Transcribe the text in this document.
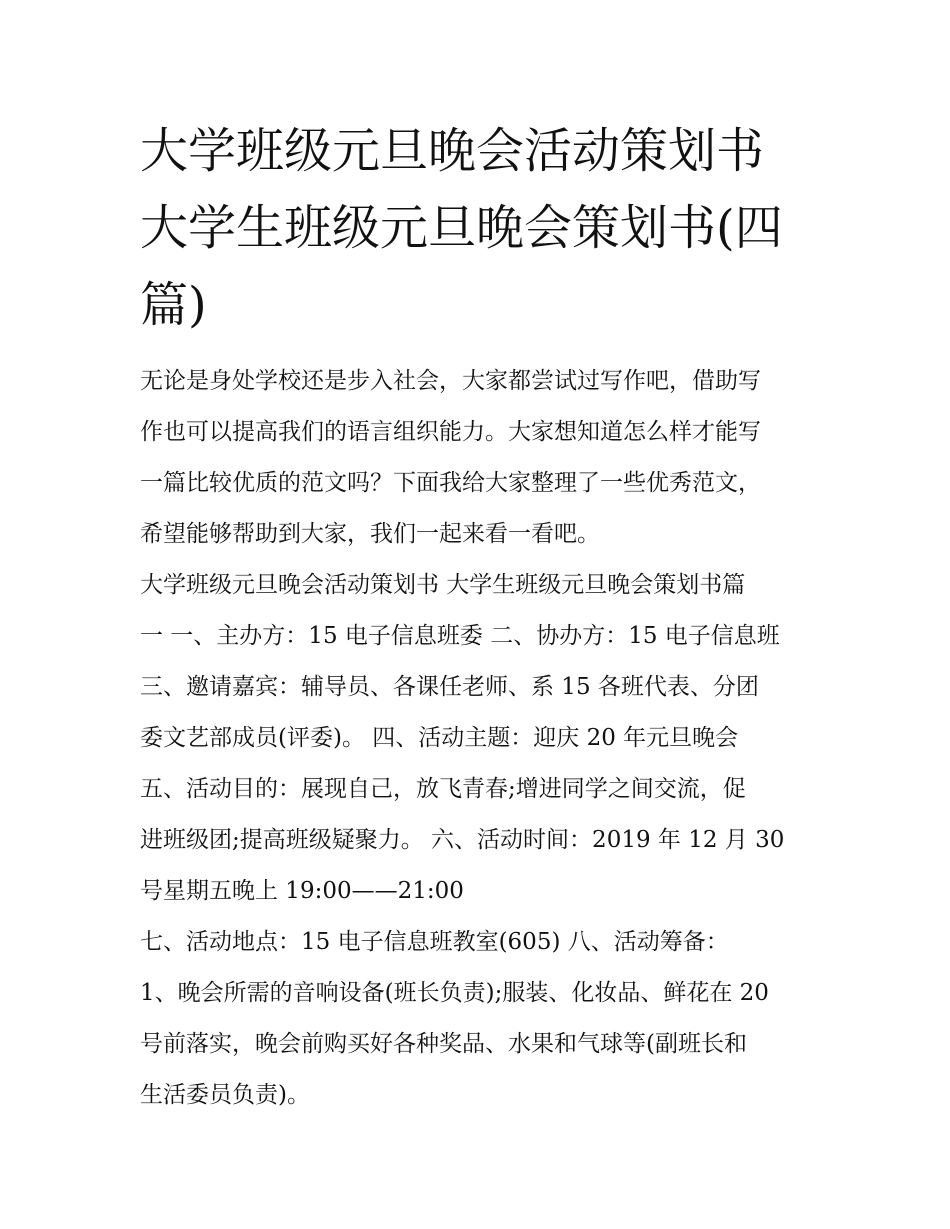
大学班级元旦晚会活动策划书 大学生班级元旦晚会策划书(四篇)

无论是身处学校还是步入社会，大家都尝试过写作吧，借助写

作也可以提高我们的语言组织能力。大家想知道怎么样才能写

一篇比较优质的范文吗？下面我给大家整理了一些优秀范文，

希望能够帮助到大家，我们一起来看一看吧。

大学班级元旦晚会活动策划书 大学生班级元旦晚会策划书篇

一 一、主办方：15 电子信息班委 二、协办方：15 电子信息班

三、邀请嘉宾：辅导员、各课任老师、系 15 各班代表、分团

委文艺部成员(评委)。 四、活动主题：迎庆 20 年元旦晚会

五、活动目的：展现自己，放飞青春;增进同学之间交流，促

进班级团;提高班级疑聚力。 六、活动时间：2019 年 12 月 30

号星期五晚上 19:00——21:00

七、活动地点：15 电子信息班教室(605) 八、活动筹备：

1、晚会所需的音响设备(班长负责);服装、化妆品、鲜花在 20

号前落实，晚会前购买好各种奖品、水果和气球等(副班长和

生活委员负责)。
